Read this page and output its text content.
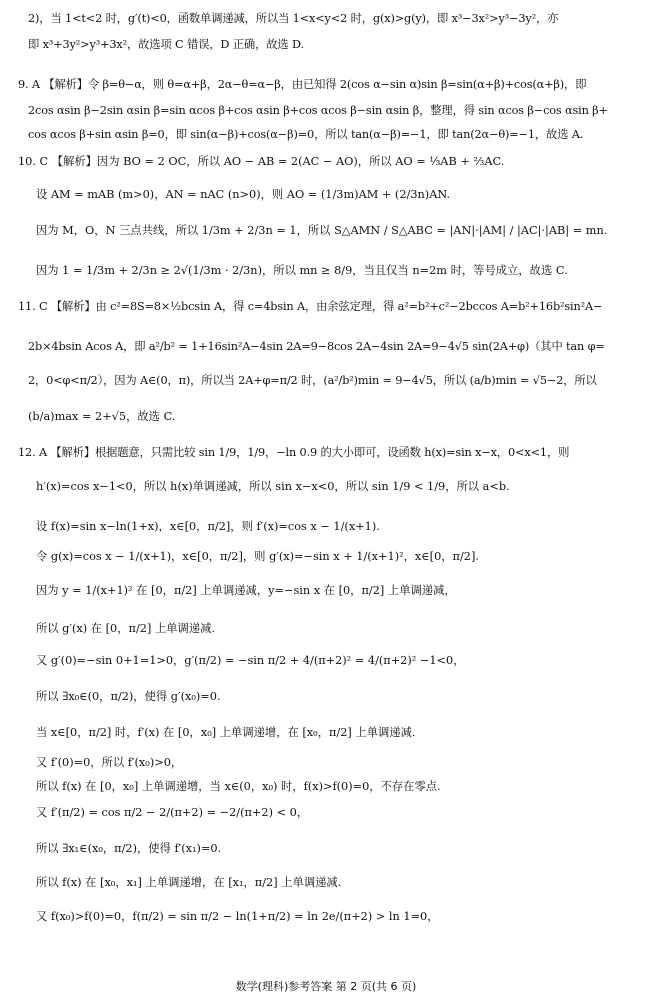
2)，当 1<t<2 时，g′(t)<0，函数单调递减，所以当 1<x<y<2 时，g(x)>g(y)，即 x³−3x²>y³−3y²，亦
即 x³+3y²>y³+3x²，故选项 C 错误，D 正确，故选 D.
9. A 【解析】令 β=θ−α，则 θ=α+β，2α−θ=α−β，由已知得 2(cos α−sin α)sin β=sin(α+β)+cos(α+β)，即
2cos αsin β−2sin αsin β=sin αcos β+cos αsin β+cos αcos β−sin αsin β，整理，得 sin αcos β−cos αsin β+
cos αcos β+sin αsin β=0，即 sin(α−β)+cos(α−β)=0，所以 tan(α−β)=−1，即 tan(2α−θ)=−1，故选 A.
10. C 【解析】因为 BO = 2 OC，所以 AO − AB = 2(AC − AO)，所以 AO = ⅓AB + ⅔AC.
设 AM = mAB (m>0)，AN = nAC (n>0)，则 AO = (1/3m)AM + (2/3n)AN.
因为 M，O，N 三点共线，所以 1/3m + 2/3n = 1，所以 S△AMN / S△ABC = |AN|·|AM| / |AC|·|AB| = mn.
因为 1 = 1/3m + 2/3n ≥ 2√(1/3m · 2/3n)，所以 mn ≥ 8/9，当且仅当 n=2m 时，等号成立，故选 C.
11. C 【解析】由 c²=8S=8×½bcsin A，得 c=4bsin A，由余弦定理，得 a²=b²+c²−2bccos A=b²+16b²sin²A−
2b×4bsin Acos A，即 a²/b² = 1+16sin²A−4sin 2A=9−8cos 2A−4sin 2A=9−4√5 sin(2A+φ)（其中 tan φ=
2，0<φ<π/2），因为 A∈(0，π)，所以当 2A+φ=π/2 时，(a²/b²)min = 9−4√5，所以 (a/b)min = √5−2，所以
(b/a)max = 2+√5，故选 C.
12. A 【解析】根据题意，只需比较 sin 1/9，1/9，−ln 0.9 的大小即可，设函数 h(x)=sin x−x，0<x<1，则
h′(x)=cos x−1<0，所以 h(x)单调递减，所以 sin x−x<0，所以 sin 1/9 < 1/9，所以 a<b.
设 f(x)=sin x−ln(1+x)，x∈[0，π/2]，则 f′(x)=cos x − 1/(x+1).
令 g(x)=cos x − 1/(x+1)，x∈[0，π/2]，则 g′(x)=−sin x + 1/(x+1)²，x∈[0，π/2].
因为 y = 1/(x+1)² 在 [0，π/2] 上单调递减，y=−sin x 在 [0，π/2] 上单调递减，
所以 g′(x) 在 [0，π/2] 上单调递减.
又 g′(0)=−sin 0+1=1>0，g′(π/2) = −sin π/2 + 4/(π+2)² = 4/(π+2)² −1<0，
所以 ∃x₀∈(0，π/2)，使得 g′(x₀)=0.
当 x∈[0，π/2] 时，f′(x) 在 [0，x₀] 上单调递增，在 [x₀，π/2] 上单调递减.
又 f′(0)=0，所以 f′(x₀)>0，
所以 f(x) 在 [0，x₀] 上单调递增，当 x∈(0，x₀) 时，f(x)>f(0)=0，不存在零点.
又 f′(π/2) = cos π/2 − 2/(π+2) = −2/(π+2) < 0，
所以 ∃x₁∈(x₀，π/2)，使得 f′(x₁)=0.
所以 f(x) 在 [x₀，x₁] 上单调递增，在 [x₁，π/2] 上单调递减.
又 f(x₀)>f(0)=0，f(π/2) = sin π/2 − ln(1+π/2) = ln 2e/(π+2) > ln 1=0，
数学(理科)参考答案 第 2 页(共 6 页)
